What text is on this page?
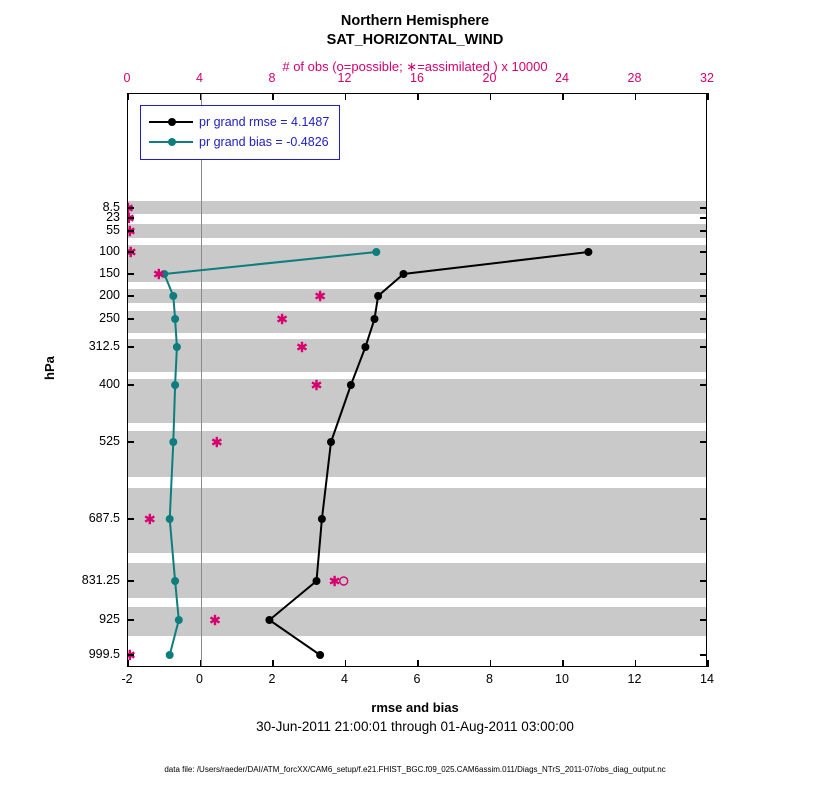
Northern Hemisphere
SAT_HORIZONTAL_WIND
# of obs (o=possible; ∗=assimilated ) x 10000
hPa
rmse and bias
30-Jun-2011 21:00:01 through 01-Aug-2011 03:00:00
data file: /Users/raeder/DAI/ATM_forcXX/CAM6_setup/f.e21.FHIST_BGC.f09_025.CAM6assim.011/Diags_NTrS_2011-07/obs_diag_output.nc
-2	0	2	4	6	8	10	12	14
0	4	8	12	16	20	24	28	32
8.5
23
55
100
150
200
250
312.5
400
525
687.5
831.25
925
999.5
pr grand rmse = 4.1487
pr grand bias = -0.4826
